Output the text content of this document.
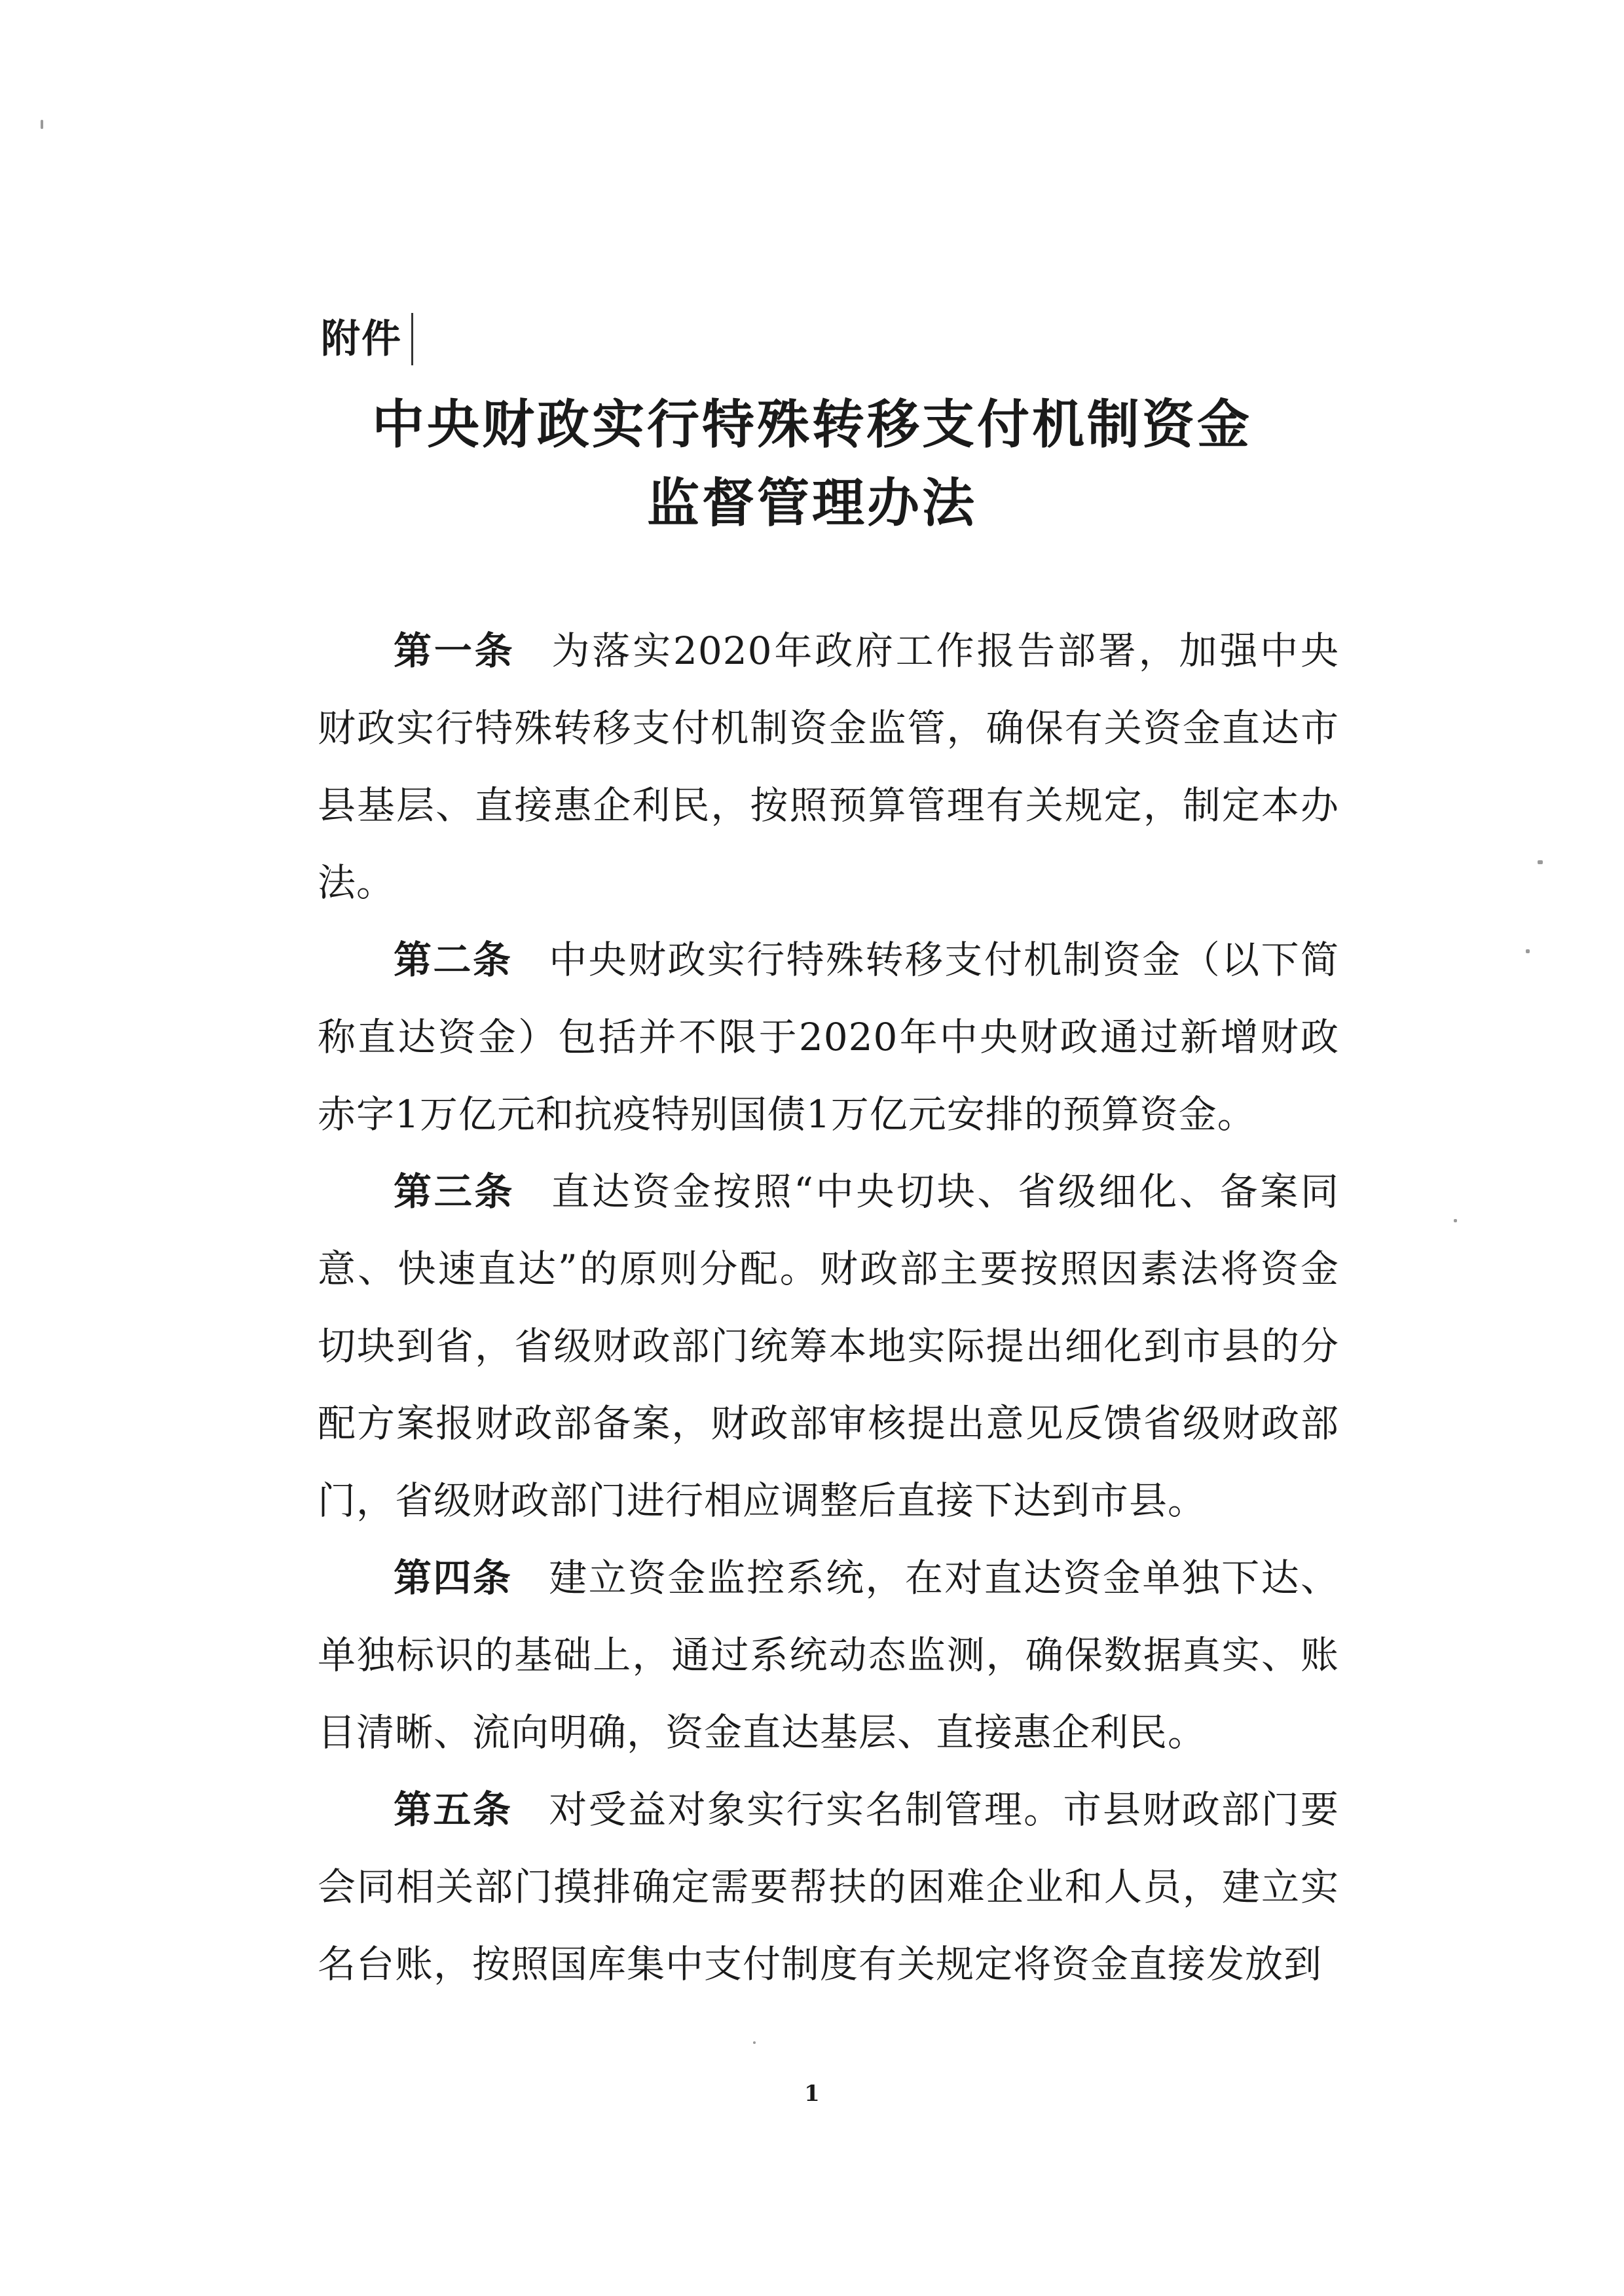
附件
中央财政实行特殊转移支付机制资金
监督管理办法

第一条 为落实2020年政府工作报告部署，加强中央财政实行特殊转移支付机制资金监管，确保有关资金直达市县基层、直接惠企利民，按照预算管理有关规定，制定本办法。

第二条 中央财政实行特殊转移支付机制资金（以下简称直达资金）包括并不限于2020年中央财政通过新增财政赤字1万亿元和抗疫特别国债1万亿元安排的预算资金。

第三条 直达资金按照“中央切块、省级细化、备案同意、快速直达”的原则分配。财政部主要按照因素法将资金切块到省，省级财政部门统筹本地实际提出细化到市县的分配方案报财政部备案，财政部审核提出意见反馈省级财政部门，省级财政部门进行相应调整后直接下达到市县。

第四条 建立资金监控系统，在对直达资金单独下达、单独标识的基础上，通过系统动态监测，确保数据真实、账目清晰、流向明确，资金直达基层、直接惠企利民。

第五条 对受益对象实行实名制管理。市县财政部门要会同相关部门摸排确定需要帮扶的困难企业和人员，建立实名台账，按照国库集中支付制度有关规定将资金直接发放到

1
